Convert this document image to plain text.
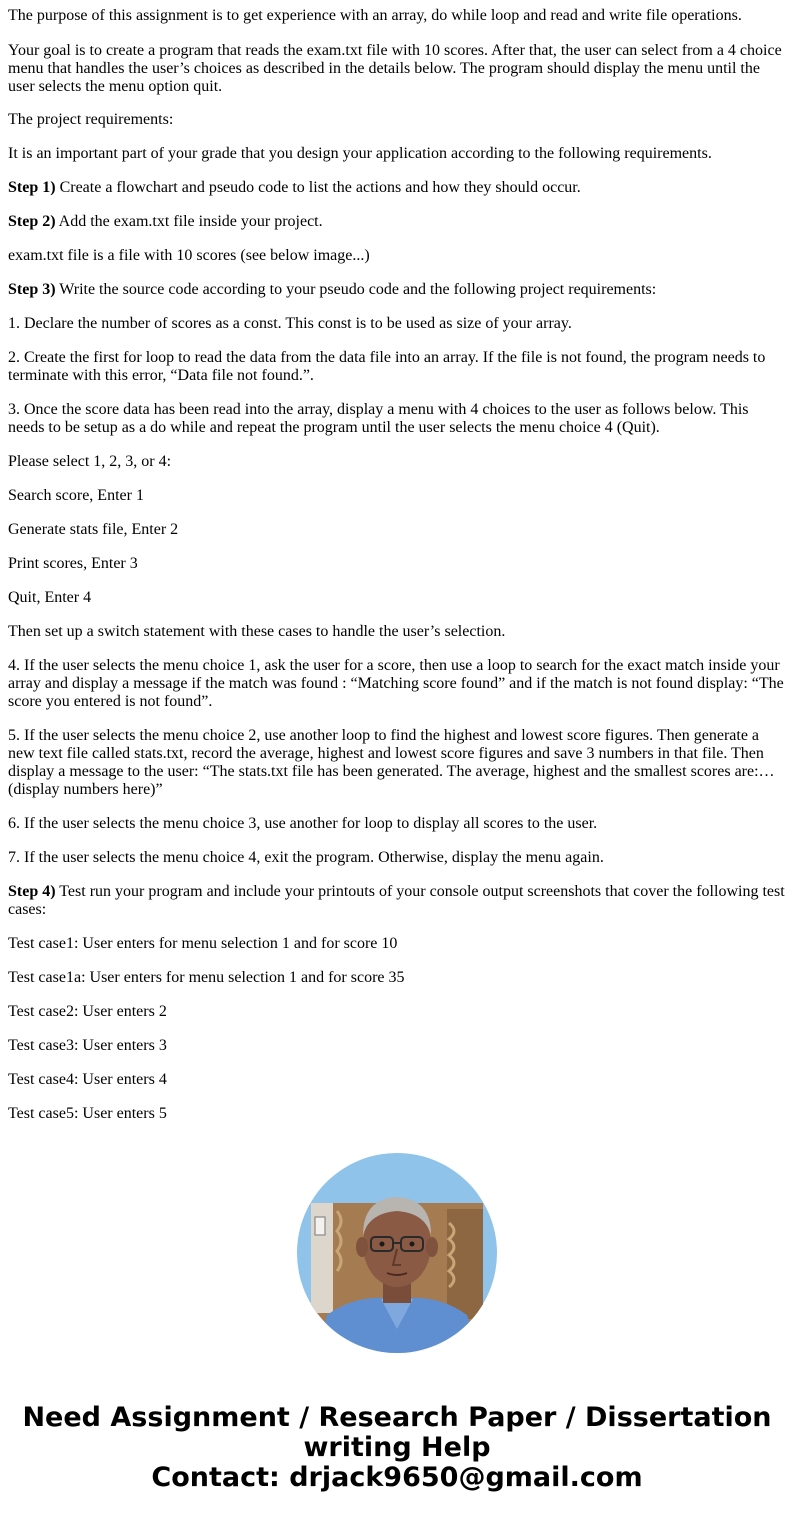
The purpose of this assignment is to get experience with an array, do while loop and read and write file operations.

Your goal is to create a program that reads the exam.txt file with 10 scores. After that, the user can select from a 4 choice menu that handles the user’s choices as described in the details below. The program should display the menu until the user selects the menu option quit.

The project requirements:

It is an important part of your grade that you design your application according to the following requirements.

Step 1) Create a flowchart and pseudo code to list the actions and how they should occur.

Step 2) Add the exam.txt file inside your project.

exam.txt file is a file with 10 scores (see below image...)

Step 3) Write the source code according to your pseudo code and the following project requirements:

1. Declare the number of scores as a const. This const is to be used as size of your array.

2. Create the first for loop to read the data from the data file into an array. If the file is not found, the program needs to terminate with this error, “Data file not found.”.

3. Once the score data has been read into the array, display a menu with 4 choices to the user as follows below. This needs to be setup as a do while and repeat the program until the user selects the menu choice 4 (Quit).

Please select 1, 2, 3, or 4:

Search score, Enter 1

Generate stats file, Enter 2

Print scores, Enter 3

Quit, Enter 4

Then set up a switch statement with these cases to handle the user’s selection.

4. If the user selects the menu choice 1, ask the user for a score, then use a loop to search for the exact match inside your array and display a message if the match was found : “Matching score found” and if the match is not found display: “The score you entered is not found”.

5. If the user selects the menu choice 2, use another loop to find the highest and lowest score figures. Then generate a new text file called stats.txt, record the average, highest and lowest score figures and save 3 numbers in that file. Then display a message to the user: “The stats.txt file has been generated. The average, highest and the smallest scores are:…(display numbers here)”

6. If the user selects the menu choice 3, use another for loop to display all scores to the user.

7. If the user selects the menu choice 4, exit the program. Otherwise, display the menu again.

Step 4) Test run your program and include your printouts of your console output screenshots that cover the following test cases:

Test case1: User enters for menu selection 1 and for score 10

Test case1a: User enters for menu selection 1 and for score 35

Test case2: User enters 2

Test case3: User enters 3

Test case4: User enters 4

Test case5: User enters 5

Need Assignment / Research Paper / Dissertation
writing Help
Contact: drjack9650@gmail.com
